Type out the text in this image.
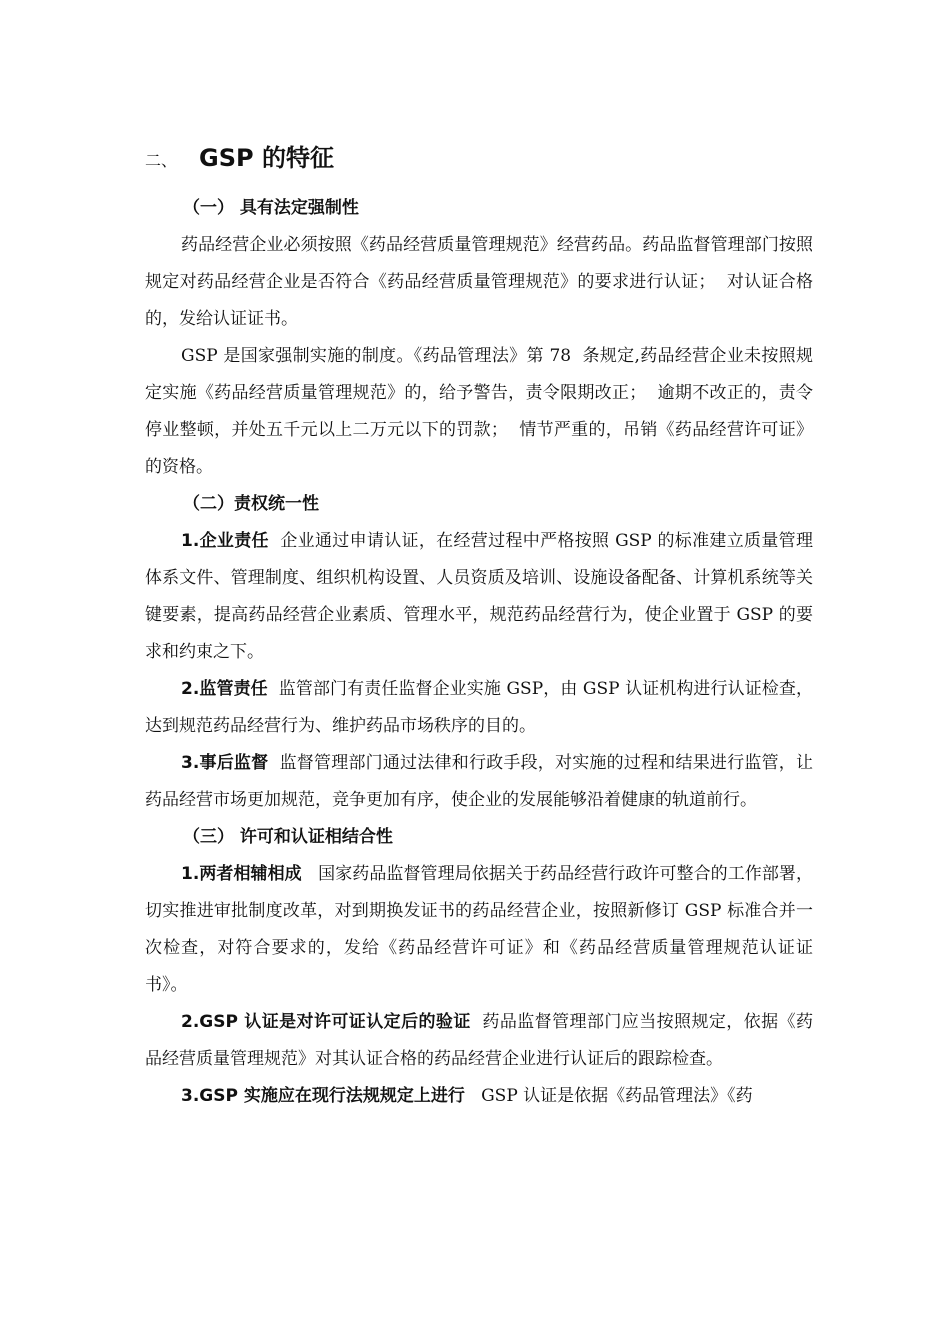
二、 GSP 的特征
（一） 具有法定强制性

药品经营企业必须按照《药品经营质量管理规范》经营药品。药品监督管理部门按照规定对药品经营企业是否符合《药品经营质量管理规范》的要求进行认证；  对认证合格的，发给认证证书。

GSP 是国家强制实施的制度。《药品管理法》第 78  条规定,药品经营企业未按照规定实施《药品经营质量管理规范》的，给予警告，责令限期改正；  逾期不改正的，责令停业整顿，并处五千元以上二万元以下的罚款；  情节严重的，吊销《药品经营许可证》的资格。

（二）责权统一性

1.企业责任  企业通过申请认证，在经营过程中严格按照 GSP 的标准建立质量管理体系文件、管理制度、组织机构设置、人员资质及培训、设施设备配备、计算机系统等关键要素，提高药品经营企业素质、管理水平，规范药品经营行为，使企业置于 GSP 的要求和约束之下。

2.监管责任  监管部门有责任监督企业实施 GSP，由 GSP 认证机构进行认证检查，达到规范药品经营行为、维护药品市场秩序的目的。

3.事后监督  监督管理部门通过法律和行政手段，对实施的过程和结果进行监管，让药品经营市场更加规范，竞争更加有序，使企业的发展能够沿着健康的轨道前行。

（三） 许可和认证相结合性

1.两者相辅相成   国家药品监督管理局依据关于药品经营行政许可整合的工作部署，切实推进审批制度改革，对到期换发证书的药品经营企业，按照新修订 GSP 标准合并一次检查，对符合要求的，发给《药品经营许可证》和《药品经营质量管理规范认证证书》。

2.GSP 认证是对许可证认定后的验证  药品监督管理部门应当按照规定，依据《药品经营质量管理规范》对其认证合格的药品经营企业进行认证后的跟踪检查。

3.GSP 实施应在现行法规规定上进行   GSP 认证是依据《药品管理法》《药
